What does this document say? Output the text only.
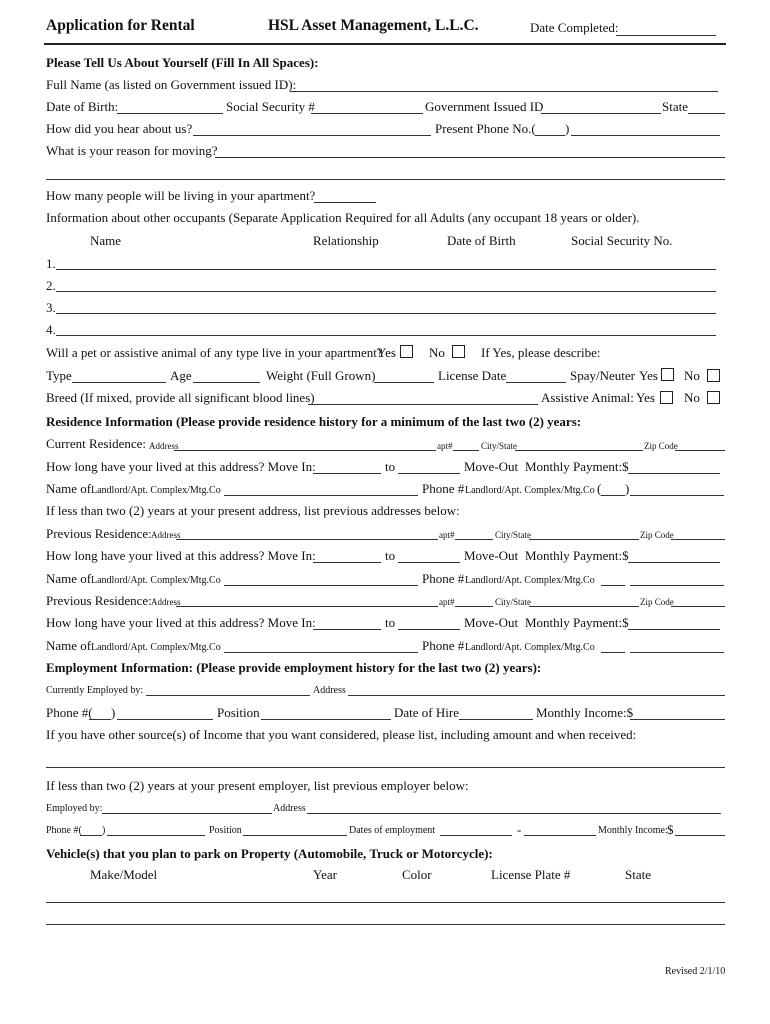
Application for Rental	HSL Asset Management, L.L.C.	Date Completed:
Please Tell Us About Yourself (Fill In All Spaces):
Full Name (as listed on Government issued ID):
Date of Birth:	Social Security #	Government Issued ID	State
How did you hear about us?	Present Phone No.( )
What is your reason for moving?
How many people will be living in your apartment?
Information about other occupants (Separate Application Required for all Adults (any occupant 18 years or older).
Name	Relationship	Date of Birth	Social Security No.
1.
2.
3.
4.
Will a pet or assistive animal of any type live in your apartment?
Yes	No	If Yes, please describe:
Type	Age	Weight (Full Grown)	License Date	Spay/Neuter Yes No
Breed (If mixed, provide all significant blood lines)	Assistive Animal: Yes No
Residence Information (Please provide residence history for a minimum of the last two (2) years:
Current Residence: Address	apt#	City/State	Zip Code
How long have your lived at this address? Move In:	to	Move-Out Monthly Payment:$
Name of Landlord/Apt. Complex/Mtg.Co	Phone # Landlord/Apt. Complex/Mtg.Co ( )
If less than two (2) years at your present address, list previous addresses below:
Previous Residence: Address	apt#	City/State	Zip Code
How long have your lived at this address? Move In:	to	Move-Out Monthly Payment:$
Name of Landlord/Apt. Complex/Mtg.Co	Phone # Landlord/Apt. Complex/Mtg.Co
Previous Residence: Address	apt#	City/State	Zip Code
How long have your lived at this address? Move In:	to	Move-Out Monthly Payment:$
Name of Landlord/Apt. Complex/Mtg.Co	Phone # Landlord/Apt. Complex/Mtg.Co
Employment Information: (Please provide employment history for the last two (2) years):
Currently Employed by:	Address
Phone #( )	Position	Date of Hire	Monthly Income:$
If you have other source(s) of Income that you want considered, please list, including amount and when received:
If less than two (2) years at your present employer, list previous employer below:
Employed by:	Address
Phone #( )	Position	Dates of employment	-	Monthly Income: $
Vehicle(s) that you plan to park on Property (Automobile, Truck or Motorcycle):
Make/Model	Year	Color	License Plate #	State
Revised 2/1/10
